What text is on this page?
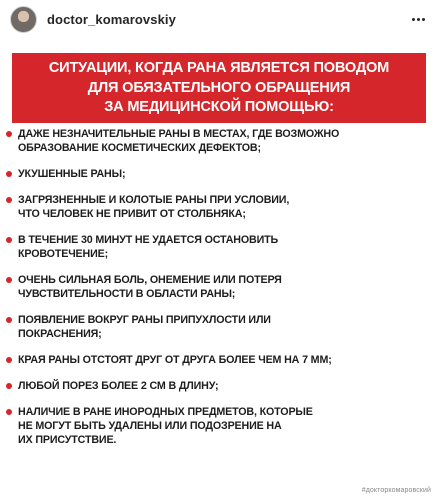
doctor_komarovskiy
СИТУАЦИИ, КОГДА РАНА ЯВЛЯЕТСЯ ПОВОДОМ
ДЛЯ ОБЯЗАТЕЛЬНОГО ОБРАЩЕНИЯ
ЗА МЕДИЦИНСКОЙ ПОМОЩЬЮ:
ДАЖЕ НЕЗНАЧИТЕЛЬНЫЕ РАНЫ В МЕСТАХ, ГДЕ ВОЗМОЖНО
ОБРАЗОВАНИЕ КОСМЕТИЧЕСКИХ ДЕФЕКТОВ;
УКУШЕННЫЕ РАНЫ;
ЗАГРЯЗНЕННЫЕ И КОЛОТЫЕ РАНЫ ПРИ УСЛОВИИ,
ЧТО ЧЕЛОВЕК НЕ ПРИВИТ ОТ СТОЛБНЯКА;
В ТЕЧЕНИЕ 30 МИНУТ НЕ УДАЕТСЯ ОСТАНОВИТЬ
КРОВОТЕЧЕНИЕ;
ОЧЕНЬ СИЛЬНАЯ БОЛЬ, ОНЕМЕНИЕ ИЛИ ПОТЕРЯ
ЧУВСТВИТЕЛЬНОСТИ В ОБЛАСТИ РАНЫ;
ПОЯВЛЕНИЕ ВОКРУГ РАНЫ ПРИПУХЛОСТИ ИЛИ
ПОКРАСНЕНИЯ;
КРАЯ РАНЫ ОТСТОЯТ ДРУГ ОТ ДРУГА БОЛЕЕ ЧЕМ НА 7 ММ;
ЛЮБОЙ ПОРЕЗ БОЛЕЕ 2 СМ В ДЛИНУ;
НАЛИЧИЕ В РАНЕ ИНОРОДНЫХ ПРЕДМЕТОВ, КОТОРЫЕ
НЕ МОГУТ БЫТЬ УДАЛЕНЫ ИЛИ ПОДОЗРЕНИЕ НА
ИХ ПРИСУТСТВИЕ.
#докторкомаровский
